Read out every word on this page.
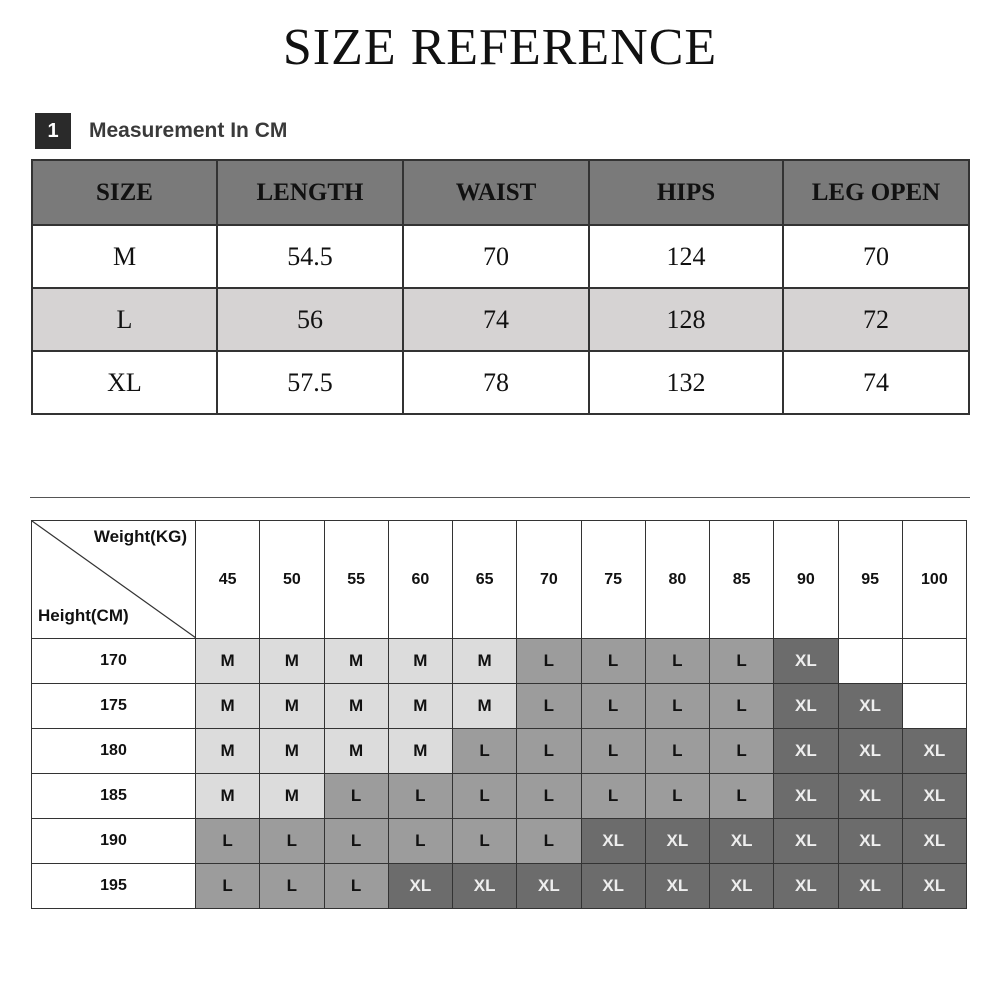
SIZE REFERENCE
1	Measurement In CM
SIZE	LENGTH	WAIST	HIPS	LEG OPEN
M	54.5	70	124	70
L	56	74	128	72
XL	57.5	78	132	74
Weight(KG)
Height(CM)	45	50	55	60	65	70	75	80	85	90	95	100
170	M	M	M	M	M	L	L	L	L	XL		
175	M	M	M	M	M	L	L	L	L	XL	XL	
180	M	M	M	M	L	L	L	L	L	XL	XL	XL
185	M	M	L	L	L	L	L	L	L	XL	XL	XL
190	L	L	L	L	L	L	XL	XL	XL	XL	XL	XL
195	L	L	L	XL	XL	XL	XL	XL	XL	XL	XL	XL
